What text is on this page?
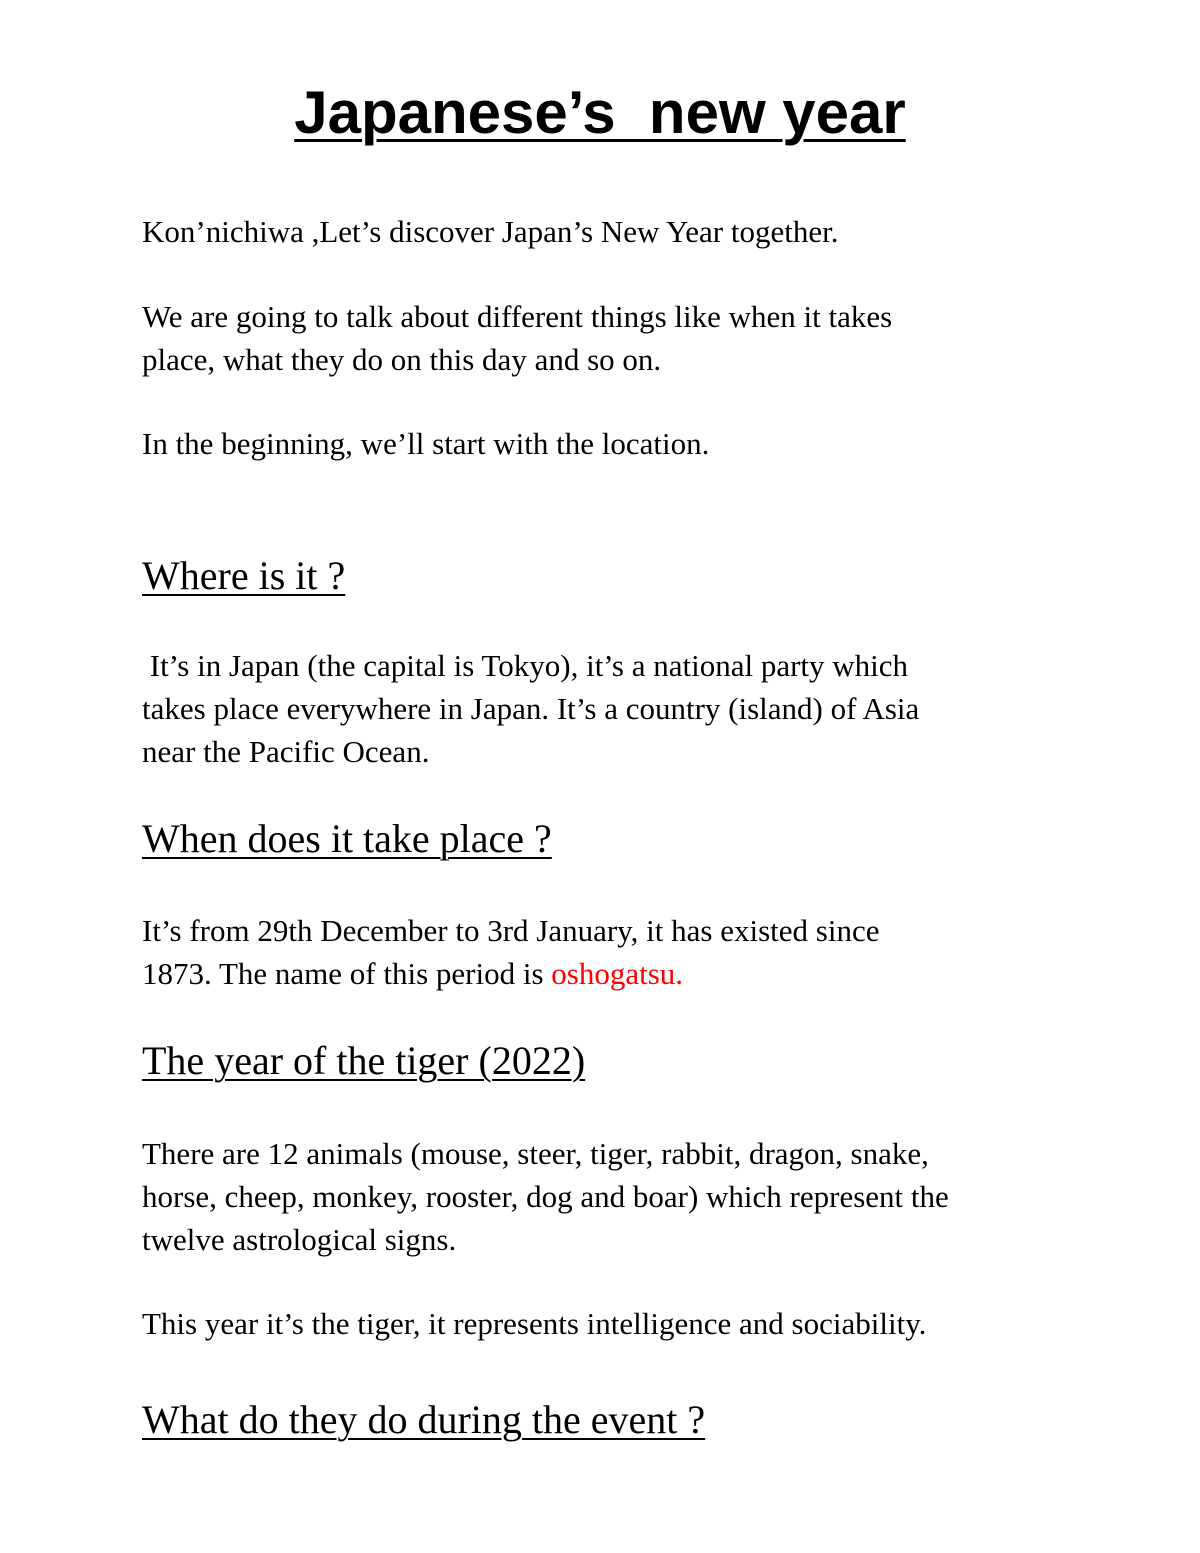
Japanese’s  new year

Kon’nichiwa ,Let’s discover Japan’s New Year together.

We are going to talk about different things like when it takes
place, what they do on this day and so on.

In the beginning, we’ll start with the location.

Where is it ?

It’s in Japan (the capital is Tokyo), it’s a national party which
takes place everywhere in Japan. It’s a country (island) of Asia
near the Pacific Ocean.

When does it take place ?

It’s from 29th December to 3rd January, it has existed since
1873. The name of this period is oshogatsu.

The year of the tiger (2022)

There are 12 animals (mouse, steer, tiger, rabbit, dragon, snake,
horse, cheep, monkey, rooster, dog and boar) which represent the
twelve astrological signs.

This year it’s the tiger, it represents intelligence and sociability.

What do they do during the event ?
